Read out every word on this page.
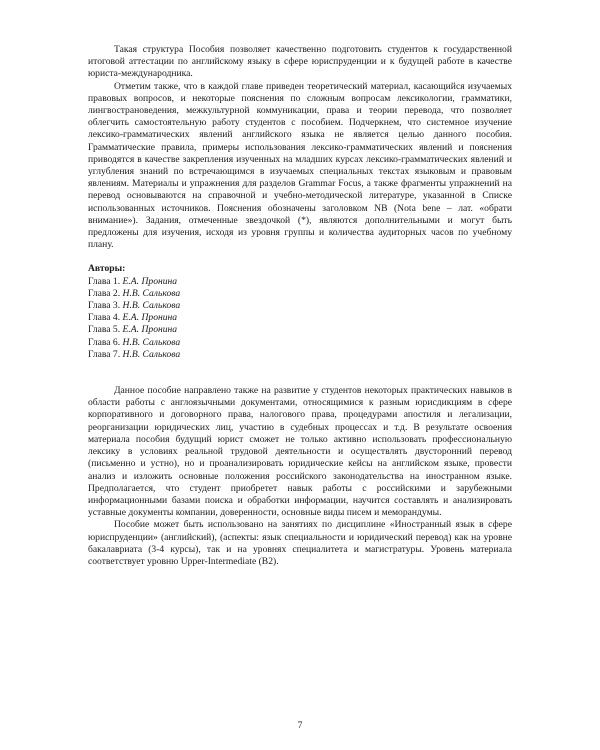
Такая структура Пособия позволяет качественно подготовить студентов к государственной итоговой аттестации по английскому языку в сфере юриспруденции и к будущей работе в качестве юриста-международника.

Отметим также, что в каждой главе приведен теоретический материал, касающийся изучаемых правовых вопросов, и некоторые пояснения по сложным вопросам лексикологии, грамматики, лингвострановедения, межкультурной коммуникации, права и теории перевода, что позволяет облегчить самостоятельную работу студентов с пособием. Подчеркнем, что системное изучение лексико-грамматических явлений английского языка не является целью данного пособия. Грамматические правила, примеры использования лексико-грамматических явлений и пояснения приводятся в качестве закрепления изученных на младших курсах лексико-грамматических явлений и углубления знаний по встречающимся в изучаемых специальных текстах языковым и правовым явлениям. Материалы и упражнения для разделов Grammar Focus, а также фрагменты упражнений на перевод основываются на справочной и учебно-методической литературе, указанной в Списке использованных источников. Пояснения обозначены заголовком NB (Nota bene – лат. «обрати внимание»). Задания, отмеченные звездочкой (*), являются дополнительными и могут быть предложены для изучения, исходя из уровня группы и количества аудиторных часов по учебному плану.

Авторы:

Глава 1. Е.А. Пронина
Глава 2. Н.В. Салькова
Глава 3. Н.В. Салькова
Глава 4. Е.А. Пронина
Глава 5. Е.А. Пронина
Глава 6. Н.В. Салькова
Глава 7. Н.В. Салькова

Данное пособие направлено также на развитие у студентов некоторых практических навыков в области работы с англоязычными документами, относящимися к разным юрисдикциям в сфере корпоративного и договорного права, налогового права, процедурами апостиля и легализации, реорганизации юридических лиц, участию в судебных процессах и т.д. В результате освоения материала пособия будущий юрист сможет не только активно использовать профессиональную лексику в условиях реальной трудовой деятельности и осуществлять двусторонний перевод (письменно и устно), но и проанализировать юридические кейсы на английском языке, провести анализ и изложить основные положения российского законодательства на иностранном языке. Предполагается, что студент приобретет навык работы с российскими и зарубежными информационными базами поиска и обработки информации, научится составлять и анализировать уставные документы компании, доверенности, основные виды писем и меморандумы.

Пособие может быть использовано на занятиях по дисциплине «Иностранный язык в сфере юриспруденции» (английский), (аспекты: язык специальности и юридический перевод) как на уровне бакалавриата (3-4 курсы), так и на уровнях специалитета и магистратуры. Уровень материала соответствует уровню Upper-Intermediate (B2).

7
